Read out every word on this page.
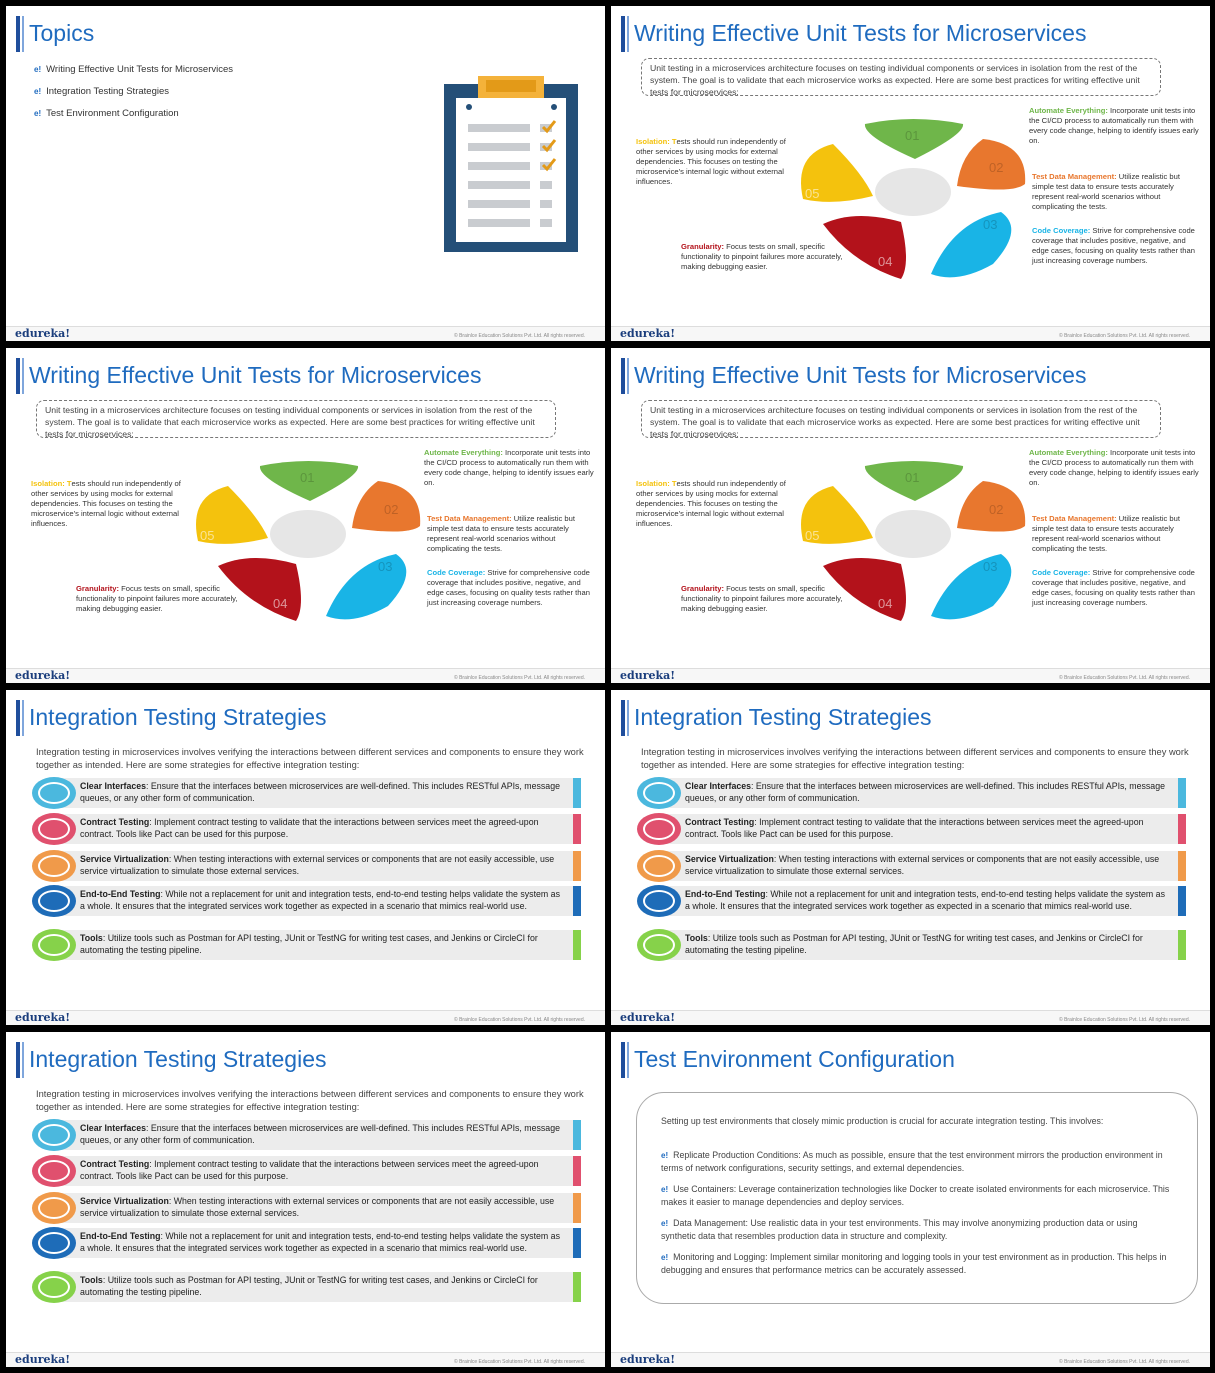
Topics
e! Writing Effective Unit Tests for Microservices
e! Integration Testing Strategies
e! Test Environment Configuration
edureka!	© Brainlce Education Solutions Pvt. Ltd. All rights reserved.
Writing Effective Unit Tests for Microservices
Unit testing in a microservices architecture focuses on testing individual components or services in isolation from the rest of the system. The goal is to validate that each microservice works as expected. Here are some best practices for writing effective unit tests for microservices:
01
02
03
04
05
Automate Everything: Incorporate unit tests into the CI/CD process to automatically run them with every code change, helping to identify issues early on.
Test Data Management: Utilize realistic but simple test data to ensure tests accurately represent real-world scenarios without complicating the tests.
Code Coverage: Strive for comprehensive code coverage that includes positive, negative, and edge cases, focusing on quality tests rather than just increasing coverage numbers.
Granularity: Focus tests on small, specific functionality to pinpoint failures more accurately, making debugging easier.
Isolation: Tests should run independently of other services by using mocks for external dependencies. This focuses on testing the microservice's internal logic without external influences.
edureka!	© Brainlce Education Solutions Pvt. Ltd. All rights reserved.
Writing Effective Unit Tests for Microservices
Unit testing in a microservices architecture focuses on testing individual components or services in isolation from the rest of the system. The goal is to validate that each microservice works as expected. Here are some best practices for writing effective unit tests for microservices:
01
02
03
04
05
Automate Everything: Incorporate unit tests into the CI/CD process to automatically run them with every code change, helping to identify issues early on.
Test Data Management: Utilize realistic but simple test data to ensure tests accurately represent real-world scenarios without complicating the tests.
Code Coverage: Strive for comprehensive code coverage that includes positive, negative, and edge cases, focusing on quality tests rather than just increasing coverage numbers.
Granularity: Focus tests on small, specific functionality to pinpoint failures more accurately, making debugging easier.
Isolation: Tests should run independently of other services by using mocks for external dependencies. This focuses on testing the microservice's internal logic without external influences.
edureka!	© Brainlce Education Solutions Pvt. Ltd. All rights reserved.
Writing Effective Unit Tests for Microservices
Unit testing in a microservices architecture focuses on testing individual components or services in isolation from the rest of the system. The goal is to validate that each microservice works as expected. Here are some best practices for writing effective unit tests for microservices:
01
02
03
04
05
Automate Everything: Incorporate unit tests into the CI/CD process to automatically run them with every code change, helping to identify issues early on.
Test Data Management: Utilize realistic but simple test data to ensure tests accurately represent real-world scenarios without complicating the tests.
Code Coverage: Strive for comprehensive code coverage that includes positive, negative, and edge cases, focusing on quality tests rather than just increasing coverage numbers.
Granularity: Focus tests on small, specific functionality to pinpoint failures more accurately, making debugging easier.
Isolation: Tests should run independently of other services by using mocks for external dependencies. This focuses on testing the microservice's internal logic without external influences.
edureka!	© Brainlce Education Solutions Pvt. Ltd. All rights reserved.
Integration Testing Strategies
Integration testing in microservices involves verifying the interactions between different services and components to ensure they work together as intended. Here are some strategies for effective integration testing:
Clear Interfaces: Ensure that the interfaces between microservices are well-defined. This includes RESTful APIs, message queues, or any other form of communication.
Contract Testing: Implement contract testing to validate that the interactions between services meet the agreed-upon contract. Tools like Pact can be used for this purpose.
Service Virtualization: When testing interactions with external services or components that are not easily accessible, use service virtualization to simulate those external services.
End-to-End Testing: While not a replacement for unit and integration tests, end-to-end testing helps validate the system as a whole. It ensures that the integrated services work together as expected in a scenario that mimics real-world use.
Tools: Utilize tools such as Postman for API testing, JUnit or TestNG for writing test cases, and Jenkins or CircleCI for automating the testing pipeline.
edureka!	© Brainlce Education Solutions Pvt. Ltd. All rights reserved.
Integration Testing Strategies
Integration testing in microservices involves verifying the interactions between different services and components to ensure they work together as intended. Here are some strategies for effective integration testing:
Clear Interfaces: Ensure that the interfaces between microservices are well-defined. This includes RESTful APIs, message queues, or any other form of communication.
Contract Testing: Implement contract testing to validate that the interactions between services meet the agreed-upon contract. Tools like Pact can be used for this purpose.
Service Virtualization: When testing interactions with external services or components that are not easily accessible, use service virtualization to simulate those external services.
End-to-End Testing: While not a replacement for unit and integration tests, end-to-end testing helps validate the system as a whole. It ensures that the integrated services work together as expected in a scenario that mimics real-world use.
Tools: Utilize tools such as Postman for API testing, JUnit or TestNG for writing test cases, and Jenkins or CircleCI for automating the testing pipeline.
edureka!	© Brainlce Education Solutions Pvt. Ltd. All rights reserved.
Integration Testing Strategies
Integration testing in microservices involves verifying the interactions between different services and components to ensure they work together as intended. Here are some strategies for effective integration testing:
Clear Interfaces: Ensure that the interfaces between microservices are well-defined. This includes RESTful APIs, message queues, or any other form of communication.
Contract Testing: Implement contract testing to validate that the interactions between services meet the agreed-upon contract. Tools like Pact can be used for this purpose.
Service Virtualization: When testing interactions with external services or components that are not easily accessible, use service virtualization to simulate those external services.
End-to-End Testing: While not a replacement for unit and integration tests, end-to-end testing helps validate the system as a whole. It ensures that the integrated services work together as expected in a scenario that mimics real-world use.
Tools: Utilize tools such as Postman for API testing, JUnit or TestNG for writing test cases, and Jenkins or CircleCI for automating the testing pipeline.
edureka!	© Brainlce Education Solutions Pvt. Ltd. All rights reserved.
Test Environment Configuration
Setting up test environments that closely mimic production is crucial for accurate integration testing. This involves:
e! Replicate Production Conditions: As much as possible, ensure that the test environment mirrors the production environment in terms of network configurations, security settings, and external dependencies.
e! Use Containers: Leverage containerization technologies like Docker to create isolated environments for each microservice. This makes it easier to manage dependencies and deploy services.
e! Data Management: Use realistic data in your test environments. This may involve anonymizing production data or using synthetic data that resembles production data in structure and complexity.
e! Monitoring and Logging: Implement similar monitoring and logging tools in your test environment as in production. This helps in debugging and ensures that performance metrics can be accurately assessed.
edureka!	© Brainlce Education Solutions Pvt. Ltd. All rights reserved.
